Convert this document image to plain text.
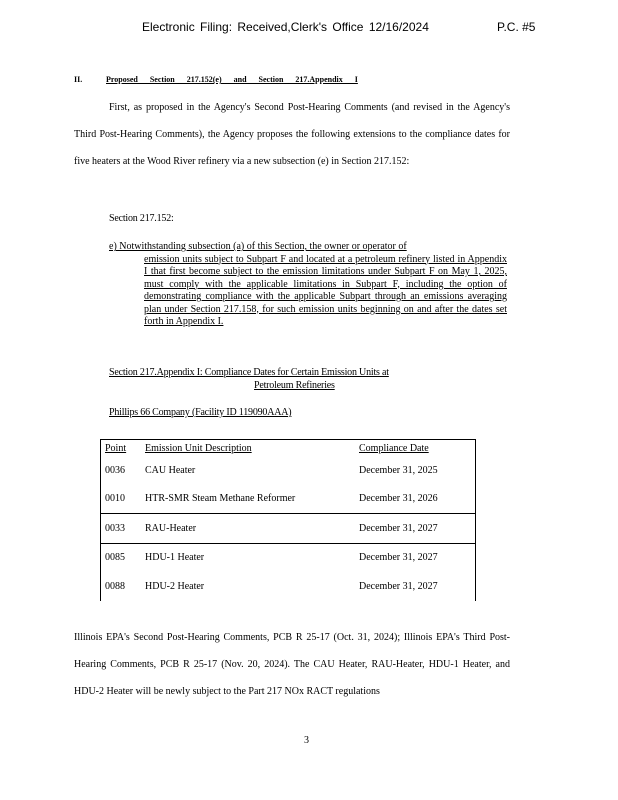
Electronic Filing: Received,Clerk's Office 12/16/2024	P.C. #5
II.	Proposed Section 217.152(e) and Section 217.Appendix I
First, as proposed in the Agency's Second Post-Hearing Comments (and revised in the Agency's Third Post-Hearing Comments), the Agency proposes the following extensions to the compliance dates for five heaters at the Wood River refinery via a new subsection (e) in Section 217.152:
Section 217.152:
e) Notwithstanding subsection (a) of this Section, the owner or operator of
emission units subject to Subpart F and located at a petroleum refinery listed in Appendix I that first become subject to the emission limitations under Subpart F on May 1, 2025, must comply with the applicable limitations in Subpart F, including the option of demonstrating compliance with the applicable Subpart through an emissions averaging plan under Section 217.158, for such emission units beginning on and after the dates set forth in Appendix I.
Section 217.Appendix I: Compliance Dates for Certain Emission Units at
Petroleum Refineries
Phillips 66 Company (Facility ID 119090AAA)
Point	Emission Unit Description	Compliance Date
0036	CAU Heater	December 31, 2025
0010	HTR-SMR Steam Methane Reformer	December 31, 2026
0033	RAU-Heater	December 31, 2027
0085	HDU-1 Heater	December 31, 2027
0088	HDU-2 Heater	December 31, 2027
Illinois EPA's Second Post-Hearing Comments, PCB R 25-17 (Oct. 31, 2024); Illinois EPA's Third Post-Hearing Comments, PCB R 25-17 (Nov. 20, 2024). The CAU Heater, RAU-Heater, HDU-1 Heater, and HDU-2 Heater will be newly subject to the Part 217 NOx RACT regulations
3
